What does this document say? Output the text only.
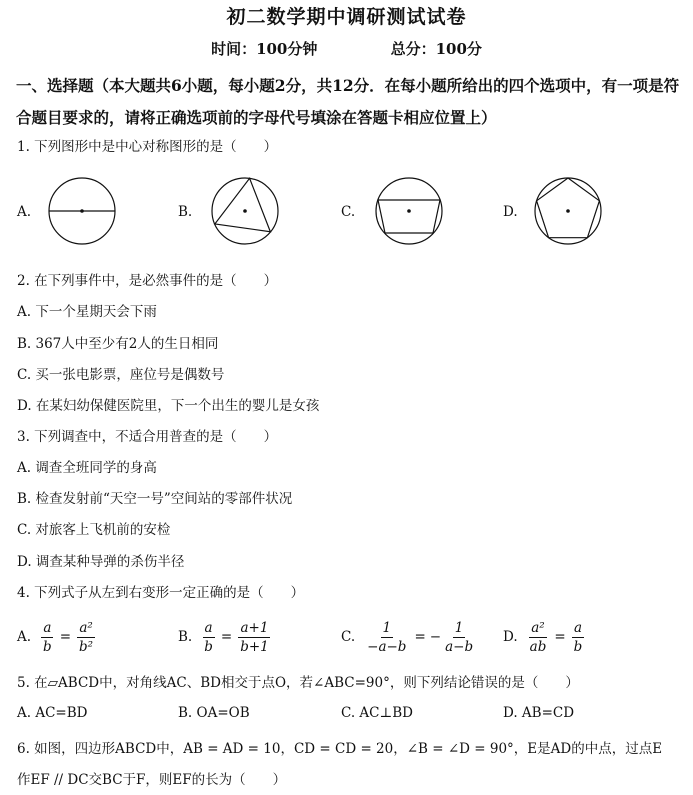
初二数学期中调研测试试卷
时间：100分钟	总分：100分
一、选择题（本大题共6小题，每小题2分，共12分．在每小题所给出的四个选项中，有一项是符合题目要求的，请将正确选项前的字母代号填涂在答题卡相应位置上）
1. 下列图形中是中心对称图形的是（　　）
A.	B.	C.	D.
2. 在下列事件中，是必然事件的是（　　）
A. 下一个星期天会下雨
B. 367人中至少有2人的生日相同
C. 买一张电影票，座位号是偶数号
D. 在某妇幼保健医院里，下一个出生的婴儿是女孩
3. 下列调查中，不适合用普查的是（　　）
A. 调查全班同学的身高
B. 检查发射前“天空一号”空间站的零部件状况
C. 对旅客上飞机前的安检
D. 调查某种导弹的杀伤半径
4. 下列式子从左到右变形一定正确的是（　　）
A. $\frac{a}{b} = \frac{\text{a²}}{\text{b²}}$	B. $\frac{a}{b} = \frac{a+1}{b+1}$	C. $\frac{1}{-a-b}$ = − $\frac{1}{a-b} D$. $\frac{\text{a²}}{ab} = \frac{a}{b}$
5. 在▱ABCD中，对角线AC、BD相交于点O，若∠ABC=90°，则下列结论错误的是（　　）
A. AC=BD	B. OA=OB	C. AC⊥BD	D. AB=CD
6. 如图，四边形ABCD中，AB = AD = 10，CD = CD = 20，∠B = ∠D = 90°，E是AD的中点，过点E
作EF // DC交BC于F，则EF的长为（　　）
